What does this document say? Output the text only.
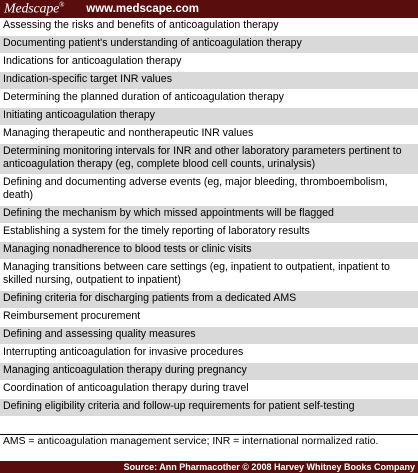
Medscape® www.medscape.com
Assessing the risks and benefits of anticoagulation therapy
Documenting patient's understanding of anticoagulation therapy
Indications for anticoagulation therapy
Indication-specific target INR values
Determining the planned duration of anticoagulation therapy
Initiating anticoagulation therapy
Managing therapeutic and nontherapeutic INR values
Determining monitoring intervals for INR and other laboratory parameters pertinent to anticoagulation therapy (eg, complete blood cell counts, urinalysis)
Defining and documenting adverse events (eg, major bleeding, thromboembolism, death)
Defining the mechanism by which missed appointments will be flagged
Establishing a system for the timely reporting of laboratory results
Managing nonadherence to blood tests or clinic visits
Managing transitions between care settings (eg, inpatient to outpatient, inpatient to skilled nursing, outpatient to inpatient)
Defining criteria for discharging patients from a dedicated AMS
Reimbursement procurement
Defining and assessing quality measures
Interrupting anticoagulation for invasive procedures
Managing anticoagulation therapy during pregnancy
Coordination of anticoagulation therapy during travel
Defining eligibility criteria and follow-up requirements for patient self-testing
AMS = anticoagulation management service; INR = international normalized ratio.
Source: Ann Pharmacother © 2008 Harvey Whitney Books Company
